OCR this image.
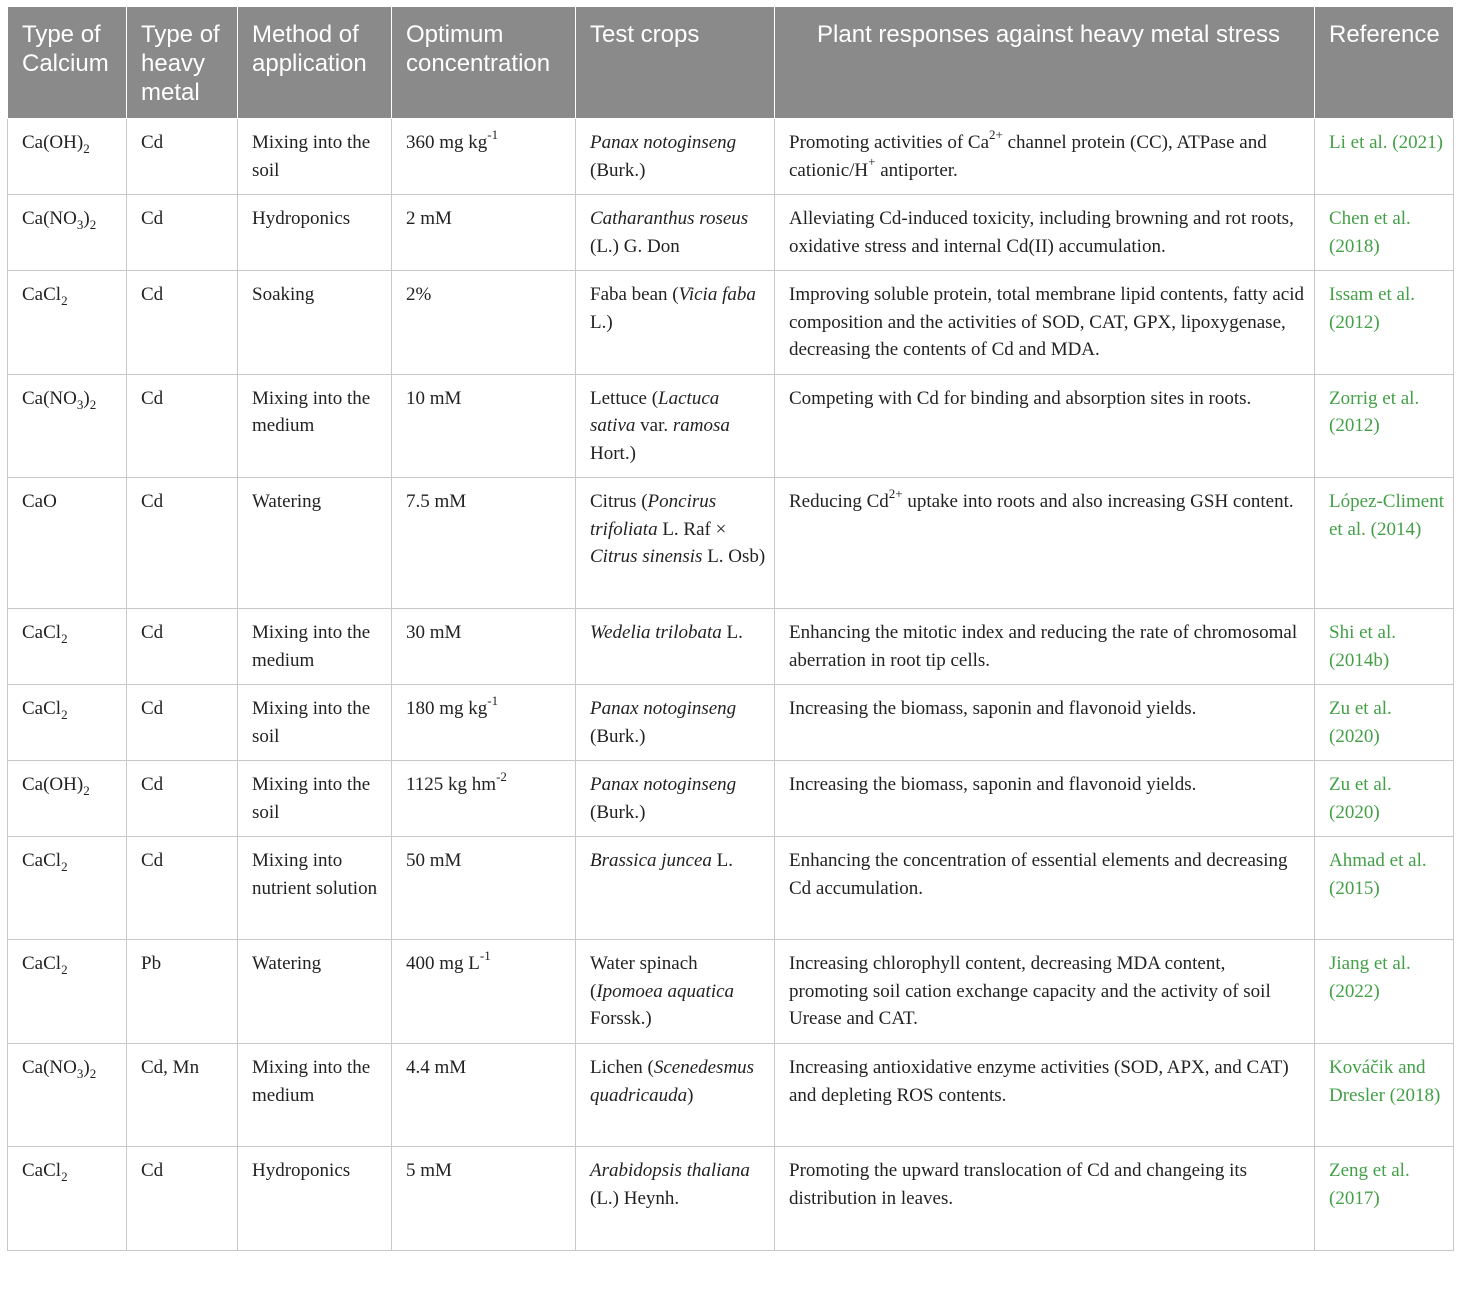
Type of Calcium	Type of heavy metal	Method of application	Optimum concentration	Test crops	Plant responses against heavy metal stress	Reference
$Ca(OH)_2$	Cd	Mixing into the soil	360 mg $kg^{-1}$	Panax notoginseng (Burk.)	Promoting activities of $Ca^{2+}$ channel protein (CC), ATPase and cationic/H+ antiporter.	Li et al. (2021)
$Ca(NO_3)_2$	Cd	Hydroponics	2 mM	Catharanthus roseus (L.) G. Don	Alleviating Cd-induced toxicity, including browning and rot roots, oxidative stress and internal Cd(II) accumulation.	Chen et al. (2018)
CaCl$_2$	Cd	Soaking	2%	Faba bean (Vicia faba L.)	Improving soluble protein, total membrane lipid contents, fatty acid composition and the activities of SOD, CAT, GPX, lipoxygenase, decreasing the contents of Cd and MDA.	Issam et al. (2012)
$Ca(NO_3)_2$	Cd	Mixing into the medium	10 mM	Lettuce (Lactuca sativa var. ramosa Hort.)	Competing with Cd for binding and absorption sites in roots.	Zorrig et al. (2012)
CaO	Cd	Watering	7.5 mM	Citrus (Poncirus trifoliata L. Raf × Citrus sinensis L. Osb)	Reducing $Cd^{2+}$ uptake into roots and also increasing GSH content.	López-Climent et al. (2014)
CaCl$_2$	Cd	Mixing into the medium	30 mM	Wedelia trilobata L.	Enhancing the mitotic index and reducing the rate of chromosomal aberration in root tip cells.	Shi et al. (2014b)
CaCl$_2$	Cd	Mixing into the soil	180 mg $kg^{-1}$	Panax notoginseng (Burk.)	Increasing the biomass, saponin and flavonoid yields.	Zu et al. (2020)
$Ca(OH)_2$	Cd	Mixing into the soil	1125 kg $hm^{-2}$	Panax notoginseng (Burk.)	Increasing the biomass, saponin and flavonoid yields.	Zu et al. (2020)
CaCl$_2$	Cd	Mixing into nutrient solution	50 mM	Brassica juncea L.	Enhancing the concentration of essential elements and decreasing Cd accumulation.	Ahmad et al. (2015)
CaCl$_2$	Pb	Watering	400 mg $L^{-1}$	Water spinach (Ipomoea aquatica Forssk.)	Increasing chlorophyll content, decreasing MDA content, promoting soil cation exchange capacity and the activity of soil Urease and CAT.	Jiang et al. (2022)
$Ca(NO_3)_2$	Cd, Mn	Mixing into the medium	4.4 mM	Lichen (Scenedesmus quadricauda)	Increasing antioxidative enzyme activities (SOD, APX, and CAT) and depleting ROS contents.	Kováčik and Dresler (2018)
CaCl$_2$	Cd	Hydroponics	5 mM	Arabidopsis thaliana (L.) Heynh.	Promoting the upward translocation of Cd and changeing its distribution in leaves.	Zeng et al. (2017)
